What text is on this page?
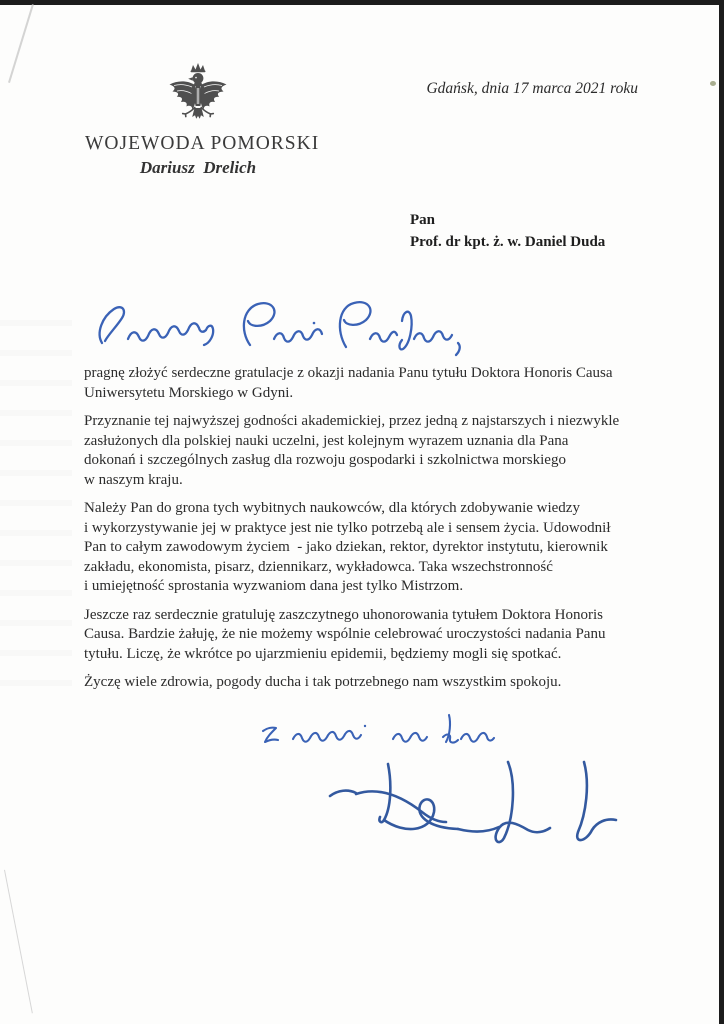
Gdańsk, dnia 17 marca 2021 roku
WOJEWODA POMORSKI
Dariusz  Drelich
Pan
Prof. dr kpt. ż. w. Daniel Duda

pragnę złożyć serdeczne gratulacje z okazji nadania Panu tytułu Doktora Honoris Causa
Uniwersytetu Morskiego w Gdyni.

Przyznanie tej najwyższej godności akademickiej, przez jedną z najstarszych i niezwykle
zasłużonych dla polskiej nauki uczelni, jest kolejnym wyrazem uznania dla Pana
dokonań i szczególnych zasług dla rozwoju gospodarki i szkolnictwa morskiego
w naszym kraju.

Należy Pan do grona tych wybitnych naukowców, dla których zdobywanie wiedzy
i wykorzystywanie jej w praktyce jest nie tylko potrzebą ale i sensem życia. Udowodnił
Pan to całym zawodowym życiem  - jako dziekan, rektor, dyrektor instytutu, kierownik
zakładu, ekonomista, pisarz, dziennikarz, wykładowca. Taka wszechstronność
i umiejętność sprostania wyzwaniom dana jest tylko Mistrzom.

Jeszcze raz serdecznie gratuluję zaszczytnego uhonorowania tytułem Doktora Honoris
Causa. Bardzie żałuję, że nie możemy wspólnie celebrować uroczystości nadania Panu
tytułu. Liczę, że wkrótce po ujarzmieniu epidemii, będziemy mogli się spotkać.

Życzę wiele zdrowia, pogody ducha i tak potrzebnego nam wszystkim spokoju.
